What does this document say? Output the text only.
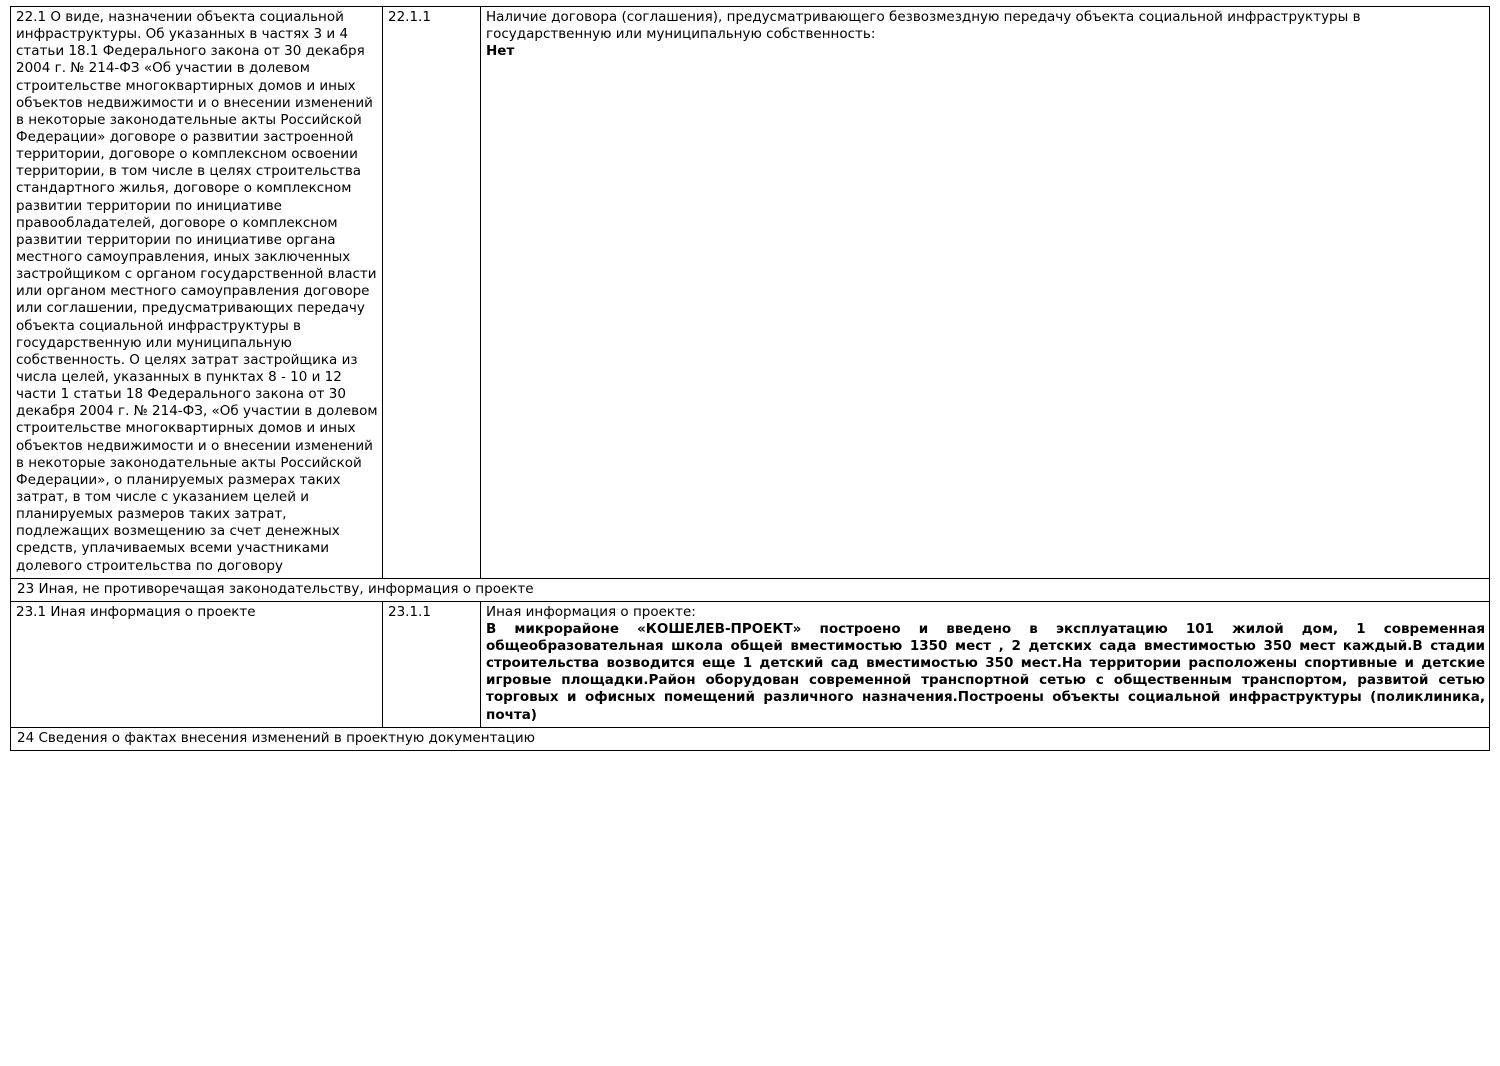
22.1 О виде, назначении объекта социальной инфраструктуры. Об указанных в частях 3 и 4 статьи 18.1 Федерального закона от 30 декабря 2004 г. № 214-ФЗ «Об участии в долевом строительстве многоквартирных домов и иных объектов недвижимости и о внесении изменений в некоторые законодательные акты Российской Федерации» договоре о развитии застроенной территории, договоре о комплексном освоении территории, в том числе в целях строительства стандартного жилья, договоре о комплексном развитии территории по инициативе правообладателей, договоре о комплексном развитии территории по инициативе органа местного самоуправления, иных заключенных застройщиком с органом государственной власти или органом местного самоуправления договоре или соглашении, предусматривающих передачу объекта социальной инфраструктуры в государственную или муниципальную собственность. О целях затрат застройщика из числа целей, указанных в пунктах 8 - 10 и 12 части 1 статьи 18 Федерального закона от 30 декабря 2004 г. № 214-ФЗ, «Об участии в долевом строительстве многоквартирных домов и иных объектов недвижимости и о внесении изменений в некоторые законодательные акты Российской Федерации», о планируемых размерах таких затрат, в том числе с указанием целей и планируемых размеров таких затрат, подлежащих возмещению за счет денежных средств, уплачиваемых всеми участниками долевого строительства по договору	22.1.1	Наличие договора (соглашения), предусматривающего безвозмездную передачу объекта социальной инфраструктуры в государственную или муниципальную собственность:
Нет

23 Иная, не противоречащая законодательству, информация о проекте		

23.1 Иная информация о проекте	23.1.1	Иная информация о проекте:
В микрорайоне «КОШЕЛЕВ-ПРОЕКТ» построено и введено в эксплуатацию 101 жилой дом, 1 современная общеобразовательная школа общей вместимостью 1350 мест , 2 детских сада вместимостью 350 мест каждый.В стадии строительства возводится еще 1 детский сад вместимостью 350 мест.На территории расположены спортивные и детские игровые площадки.Район оборудован современной транспортной сетью с общественным транспортом, развитой сетью торговых и офисных помещений различного назначения.Построены объекты социальной инфраструктуры (поликлиника, почта)

24 Сведения о фактах внесения изменений в проектную документацию		
